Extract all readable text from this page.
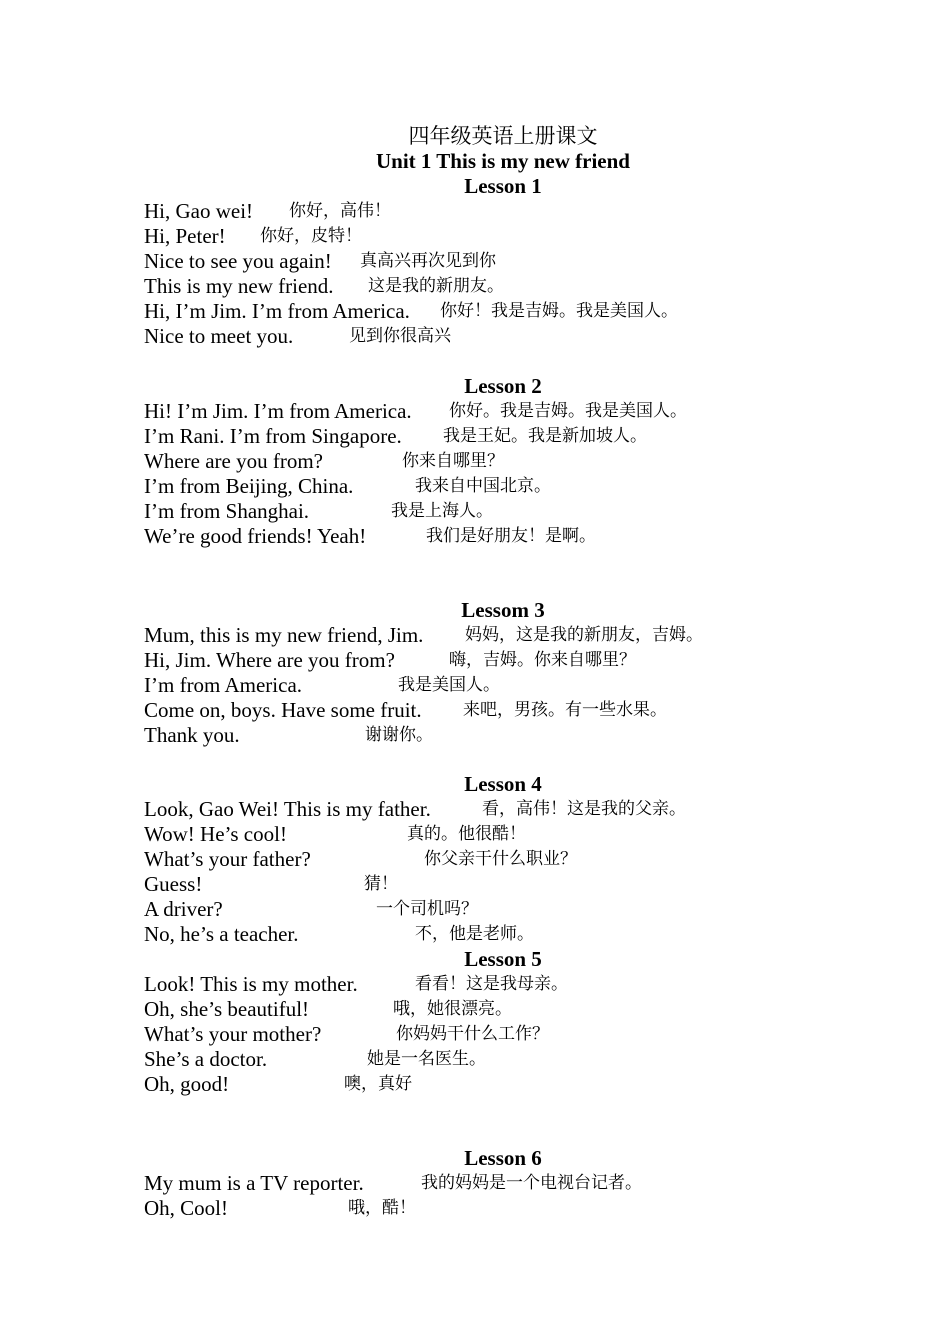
四年级英语上册课文
Unit 1 This is my new friend
Lesson 1
Hi, Gao wei! 你好，高伟！
Hi, Peter! 你好，皮特！
Nice to see you again! 真高兴再次见到你
This is my new friend. 这是我的新朋友。
Hi, I’m Jim. I’m from America. 你好！我是吉姆。我是美国人。
Nice to meet you.	见到你很高兴
Lesson 2
Hi! I’m Jim. I’m from America. 你好。我是吉姆。我是美国人。
I’m Rani. I’m from Singapore. 我是王妃。我是新加坡人。
Where are you from?	你来自哪里？
I’m from Beijing, China.	我来自中国北京。
I’m from Shanghai.	我是上海人。
We’re good friends! Yeah!	我们是好朋友！是啊。
Lessom 3
Mum, this is my new friend, Jim. 妈妈，这是我的新朋友，吉姆。
Hi, Jim. Where are you from?	嗨，吉姆。你来自哪里？
I’m from America.	我是美国人。
Come on, boys. Have some fruit. 来吧，男孩。有一些水果。
Thank you.	谢谢你。
Lesson 4
Look, Gao Wei! This is my father.	看，高伟！这是我的父亲。
Wow! He’s cool!	真的。他很酷！
What’s your father?	你父亲干什么职业？
Guess!	猜！
A driver?	一个司机吗？
No, he’s a teacher.	不，他是老师。
Lesson 5
Look! This is my mother.	看看！这是我母亲。
Oh, she’s beautiful!	哦，她很漂亮。
What’s your mother?	你妈妈干什么工作？
She’s a doctor.	她是一名医生。
Oh, good!	噢，真好
Lesson 6
My mum is a TV reporter.	我的妈妈是一个电视台记者。
Oh, Cool!	哦，酷！
